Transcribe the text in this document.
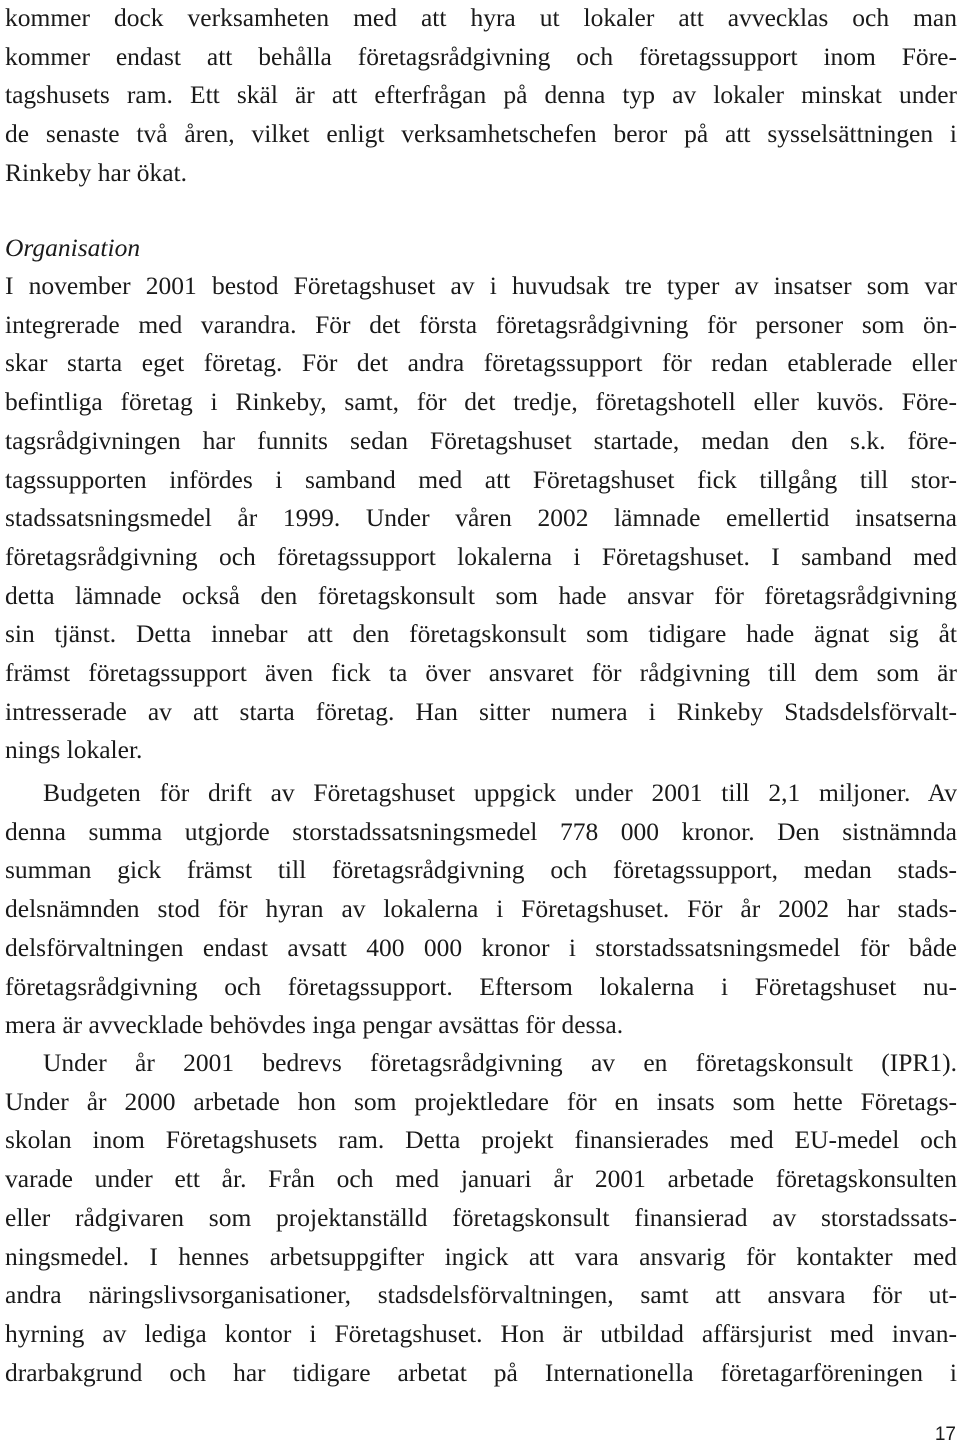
kommer dock verksamheten med att hyra ut lokaler att avvecklas och man
kommer endast att behålla företagsrådgivning och företagssupport inom Före-
tagshusets ram. Ett skäl är att efterfrågan på denna typ av lokaler minskat under
de senaste två åren, vilket enligt verksamhetschefen beror på att sysselsättningen i
Rinkeby har ökat.
Organisation
I november 2001 bestod Företagshuset av i huvudsak tre typer av insatser som var
integrerade med varandra. För det första företagsrådgivning för personer som ön-
skar starta eget företag. För det andra företagssupport för redan etablerade eller
befintliga företag i Rinkeby, samt, för det tredje, företagshotell eller kuvös. Före-
tagsrådgivningen har funnits sedan Företagshuset startade, medan den s.k. före-
tagssupporten infördes i samband med att Företagshuset fick tillgång till stor-
stadssatsningsmedel år 1999. Under våren 2002 lämnade emellertid insatserna
företagsrådgivning och företagssupport lokalerna i Företagshuset. I samband med
detta lämnade också den företagskonsult som hade ansvar för företagsrådgivning
sin tjänst. Detta innebar att den företagskonsult som tidigare hade ägnat sig åt
främst företagssupport även fick ta över ansvaret för rådgivning till dem som är
intresserade av att starta företag. Han sitter numera i Rinkeby Stadsdelsförvalt-
nings lokaler.
Budgeten för drift av Företagshuset uppgick under 2001 till 2,1 miljoner. Av
denna summa utgjorde storstadssatsningsmedel 778 000 kronor. Den sistnämnda
summan gick främst till företagsrådgivning och företagssupport, medan stads-
delsnämnden stod för hyran av lokalerna i Företagshuset. För år 2002 har stads-
delsförvaltningen endast avsatt 400 000 kronor i storstadssatsningsmedel för både
företagsrådgivning och företagssupport. Eftersom lokalerna i Företagshuset nu-
mera är avvecklade behövdes inga pengar avsättas för dessa.
Under år 2001 bedrevs företagsrådgivning av en företagskonsult (IPR1).
Under år 2000 arbetade hon som projektledare för en insats som hette Företags-
skolan inom Företagshusets ram. Detta projekt finansierades med EU-medel och
varade under ett år. Från och med januari år 2001 arbetade företagskonsulten
eller rådgivaren som projektanställd företagskonsult finansierad av storstadssats-
ningsmedel. I hennes arbetsuppgifter ingick att vara ansvarig för kontakter med
andra näringslivsorganisationer, stadsdelsförvaltningen, samt att ansvara för ut-
hyrning av lediga kontor i Företagshuset. Hon är utbildad affärsjurist med invan-
drarbakgrund och har tidigare arbetat på Internationella företagarföreningen i
17
